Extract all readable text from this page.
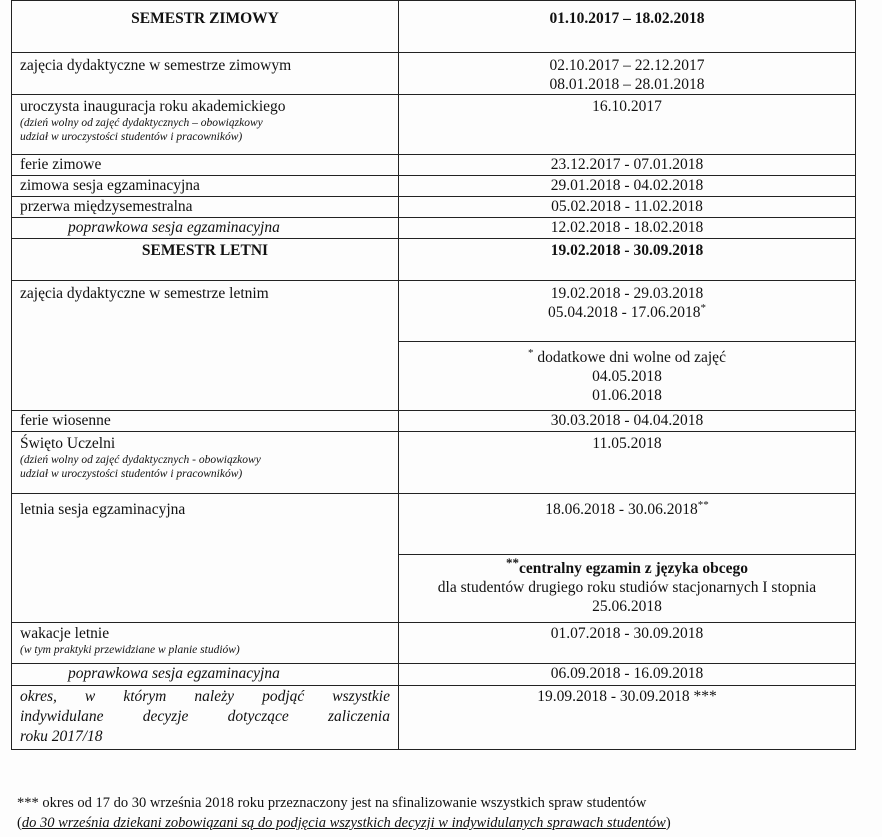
SEMESTR ZIMOWY	01.10.2017 – 18.02.2018
zajęcia dydaktyczne w semestrze zimowym	02.10.2017 – 22.12.2017
08.01.2018 – 28.01.2018

uroczysta inauguracja roku akademickiego
(dzień wolny od zajęć dydaktycznych – obowiązkowy
udział w uroczystości studentów i pracowników)	16.10.2017
ferie zimowe	23.12.2017 - 07.01.2018
zimowa sesja egzaminacyjna	29.01.2018 - 04.02.2018
przerwa międzysemestralna	05.02.2018 - 11.02.2018
poprawkowa sesja egzaminacyjna	12.02.2018 - 18.02.2018
SEMESTR LETNI	19.02.2018 - 30.09.2018
zajęcia dydaktyczne w semestrze letnim	19.02.2018 - 29.03.2018
05.04.2018 - 17.06.2018*

	* dodatkowe dni wolne od zajęć
04.05.2018
01.06.2018

ferie wiosenne	30.03.2018 - 04.04.2018

Święto Uczelni
(dzień wolny od zajęć dydaktycznych - obowiązkowy
udział w uroczystości studentów i pracowników)	11.05.2018
letnia sesja egzaminacyjna	18.06.2018 - 30.06.2018**

	**centralny egzamin z języka obcego
dla studentów drugiego roku studiów stacjonarnych I stopnia
25.06.2018

wakacje letnie
(w tym praktyki przewidziane w planie studiów)	01.07.2018 - 30.09.2018
poprawkowa sesja egzaminacyjna	06.09.2018 - 16.09.2018

okres, w którym należy podjąć wszystkie
indywidulane decyzje dotyczące zaliczenia
roku 2017/18	19.09.2018 - 30.09.2018 ***
*** okres od 17 do 30 września 2018 roku przeznaczony jest na sfinalizowanie wszystkich spraw studentów
(do 30 września dziekani zobowiązani są do podjęcia wszystkich decyzji w indywidulanych sprawach studentów)
